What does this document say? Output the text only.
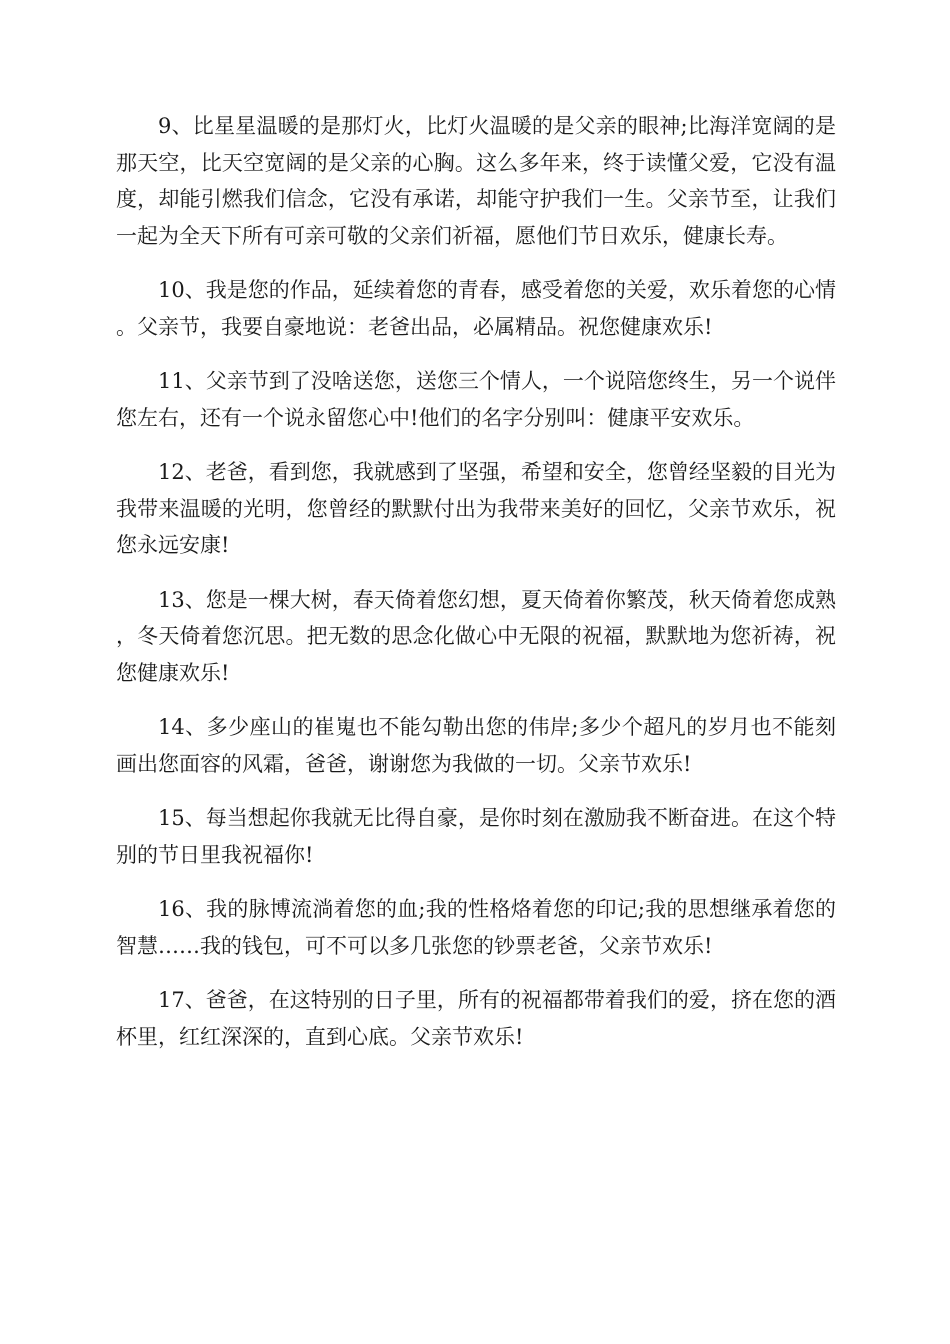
9、比星星温暖的是那灯火，比灯火温暖的是父亲的眼神;比海洋宽阔的是那天空，比天空宽阔的是父亲的心胸。这么多年来，终于读懂父爱，它没有温度，却能引燃我们信念，它没有承诺，却能守护我们一生。父亲节至，让我们一起为全天下所有可亲可敬的父亲们祈福，愿他们节日欢乐，健康长寿。

10、我是您的作品，延续着您的青春，感受着您的关爱，欢乐着您的心情。父亲节，我要自豪地说：老爸出品，必属精品。祝您健康欢乐!

11、父亲节到了没啥送您，送您三个情人，一个说陪您终生，另一个说伴您左右，还有一个说永留您心中!他们的名字分别叫：健康平安欢乐。

12、老爸，看到您，我就感到了坚强，希望和安全，您曾经坚毅的目光为我带来温暖的光明，您曾经的默默付出为我带来美好的回忆，父亲节欢乐，祝您永远安康!

13、您是一棵大树，春天倚着您幻想，夏天倚着你繁茂，秋天倚着您成熟，冬天倚着您沉思。把无数的思念化做心中无限的祝福，默默地为您祈祷，祝您健康欢乐!

14、多少座山的崔嵬也不能勾勒出您的伟岸;多少个超凡的岁月也不能刻画出您面容的风霜，爸爸，谢谢您为我做的一切。父亲节欢乐!

15、每当想起你我就无比得自豪，是你时刻在激励我不断奋进。在这个特别的节日里我祝福你!

16、我的脉博流淌着您的血;我的性格烙着您的印记;我的思想继承着您的智慧……我的钱包，可不可以多几张您的钞票老爸，父亲节欢乐!

17、爸爸，在这特别的日子里，所有的祝福都带着我们的爱，挤在您的酒杯里，红红深深的，直到心底。父亲节欢乐!
